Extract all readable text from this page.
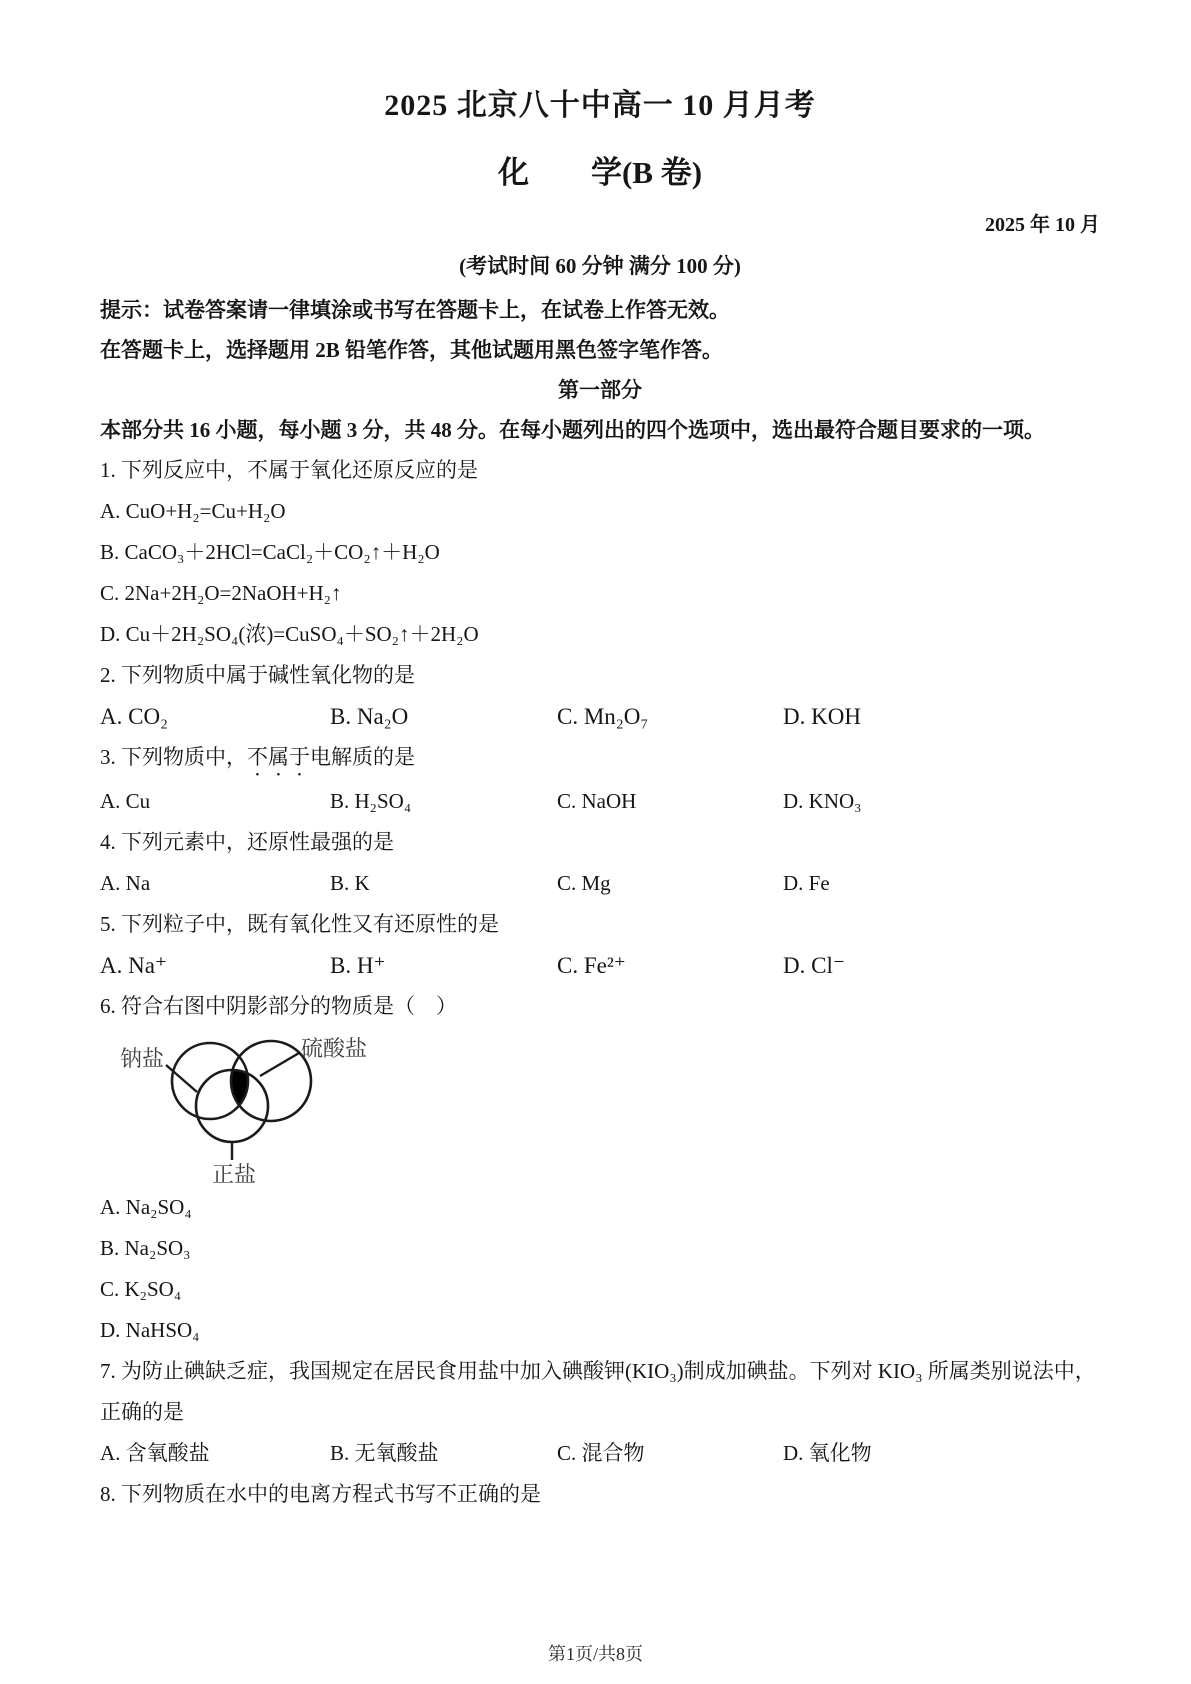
2025 北京八十中高一 10 月月考
化　　学(B 卷)
2025 年 10 月
(考试时间 60 分钟 满分 100 分)
提示：试卷答案请一律填涂或书写在答题卡上，在试卷上作答无效。
在答题卡上，选择题用 2B 铅笔作答，其他试题用黑色签字笔作答。
第一部分
本部分共 16 小题，每小题 3 分，共 48 分。在每小题列出的四个选项中，选出最符合题目要求的一项。
1. 下列反应中，不属于氧化还原反应的是
A. CuO+H₂=Cu+H₂O
B. CaCO₃＋2HCl=CaCl₂＋CO₂↑＋H₂O
C. 2Na+2H₂O=2NaOH+H₂↑
D. Cu＋2H₂SO₄(浓)=CuSO₄＋SO₂↑＋2H₂O
2. 下列物质中属于碱性氧化物的是
A. CO₂	B. Na₂O	C. Mn₂O₇	D. KOH
3. 下列物质中，不属于电解质的是
A. Cu	B. H₂SO₄	C. NaOH	D. KNO₃
4. 下列元素中，还原性最强的是
A. Na	B. K	C. Mg	D. Fe
5. 下列粒子中，既有氧化性又有还原性的是
A. Na⁺	B. H⁺	C. Fe²⁺	D. Cl⁻
6. 符合右图中阴影部分的物质是（　）
钠盐	硫酸盐
正盐
A. Na₂SO₄
B. Na₂SO₃
C. K₂SO₄
D. NaHSO₄
7. 为防止碘缺乏症，我国规定在居民食用盐中加入碘酸钾(KIO₃)制成加碘盐。下列对 KIO₃ 所属类别说法中，正确的是
A. 含氧酸盐	B. 无氧酸盐	C. 混合物	D. 氧化物
8. 下列物质在水中的电离方程式书写不正确的是
第1页/共8页
